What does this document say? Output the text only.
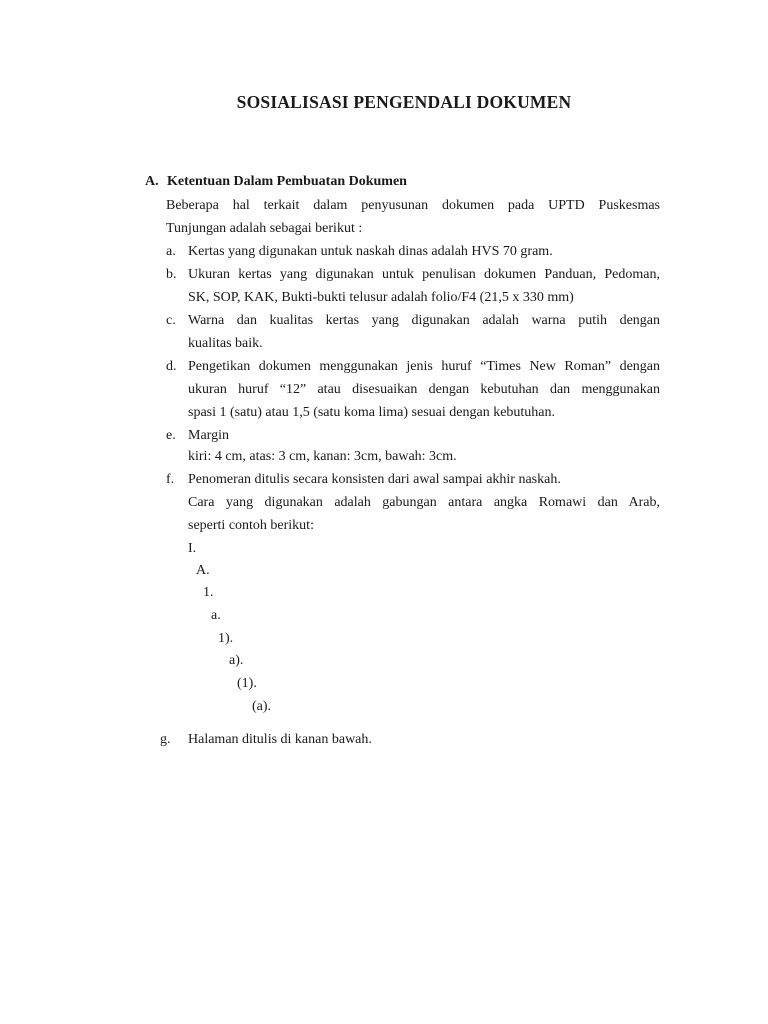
SOSIALISASI PENGENDALI DOKUMEN
A. Ketentuan Dalam Pembuatan Dokumen
Beberapa hal terkait dalam penyusunan dokumen pada UPTD Puskesmas
Tunjungan adalah sebagai berikut :
a. Kertas yang digunakan untuk naskah dinas adalah HVS 70 gram.
b. Ukuran kertas yang digunakan untuk penulisan dokumen Panduan, Pedoman,
SK, SOP, KAK, Bukti-bukti telusur adalah folio/F4 (21,5 x 330 mm)
c. Warna dan kualitas kertas yang digunakan adalah warna putih dengan
kualitas baik.
d. Pengetikan dokumen menggunakan jenis huruf “Times New Roman” dengan
ukuran huruf “12” atau disesuaikan dengan kebutuhan dan menggunakan
spasi 1 (satu) atau 1,5 (satu koma lima) sesuai dengan kebutuhan.
e. Margin
kiri: 4 cm, atas: 3 cm, kanan: 3cm, bawah: 3cm.
f. Penomeran ditulis secara konsisten dari awal sampai akhir naskah.
Cara yang digunakan adalah gabungan antara angka Romawi dan Arab,
seperti contoh berikut:
I.
A.
1.
a.
1).
a).
(1).
(a).
g. Halaman ditulis di kanan bawah.
